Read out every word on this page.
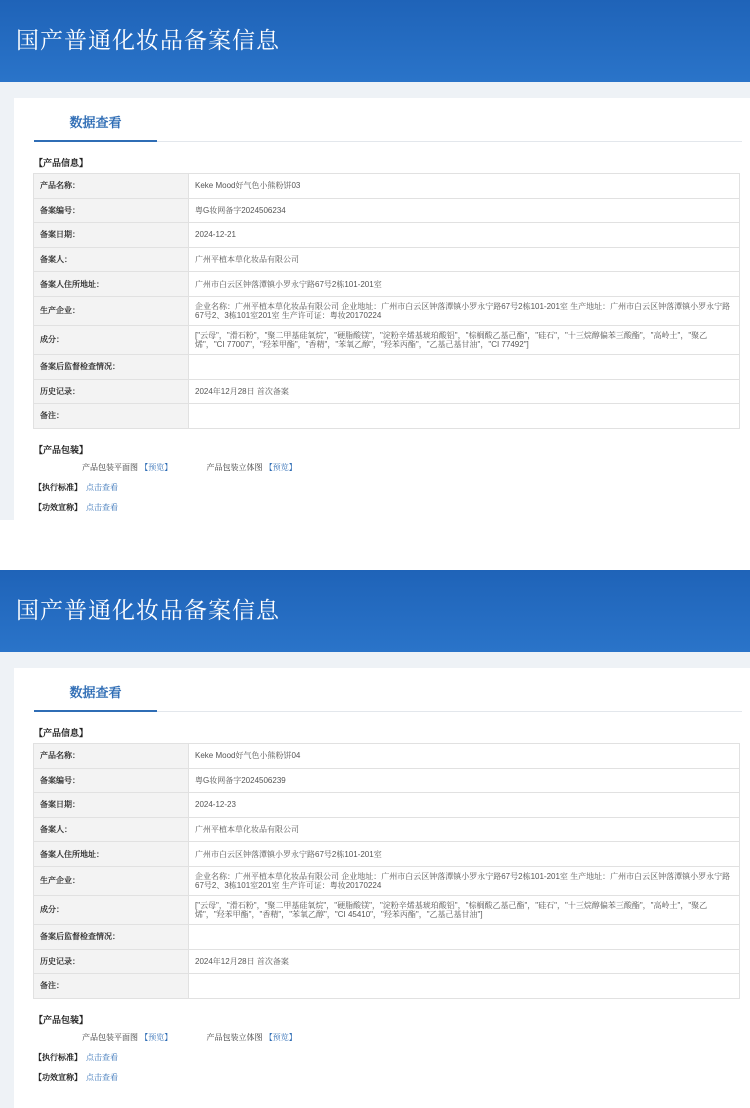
国产普通化妆品备案信息
数据查看
【产品信息】
产品名称：	Keke Mood好气色小熊粉饼03
备案编号：	粤G妆网备字2024506234
备案日期：	2024-12-21
备案人：	广州平植本草化妆品有限公司
备案人住所地址：	广州市白云区钟落潭镇小罗永宁路67号2栋101-201室
生产企业：	企业名称：广州平植本草化妆品有限公司 企业地址：广州市白云区钟落潭镇小罗永宁路67号2栋101-201室 生产地址：广州市白云区钟落潭镇小罗永宁路67号2、3栋101室201室 生产许可证：粤妆20170224
成分：	["云母"，"滑石粉"，"聚二甲基硅氧烷"，"硬脂酸镁"，"淀粉辛烯基琥珀酸铝"，"棕榈酸乙基己酯"，"硅石"，"十三烷醇偏苯三酸酯"，"高岭土"，"聚乙烯"，"CI 77007"，"羟苯甲酯"，"香精"，"苯氧乙醇"，"羟苯丙酯"，"乙基己基甘油"，"CI 77492"]
备案后监督检查情况：	
历史记录：	2024年12月28日 首次备案
备注：	
【产品包装】
产品包装平面图 【预览】	产品包装立体图 【预览】
【执行标准】 点击查看
【功效宣称】 点击查看
国产普通化妆品备案信息
数据查看
【产品信息】
产品名称：	Keke Mood好气色小熊粉饼04
备案编号：	粤G妆网备字2024506239
备案日期：	2024-12-23
备案人：	广州平植本草化妆品有限公司
备案人住所地址：	广州市白云区钟落潭镇小罗永宁路67号2栋101-201室
生产企业：	企业名称：广州平植本草化妆品有限公司 企业地址：广州市白云区钟落潭镇小罗永宁路67号2栋101-201室 生产地址：广州市白云区钟落潭镇小罗永宁路67号2、3栋101室201室 生产许可证：粤妆20170224
成分：	["云母"，"滑石粉"，"聚二甲基硅氧烷"，"硬脂酸镁"，"淀粉辛烯基琥珀酸铝"，"棕榈酸乙基己酯"，"硅石"，"十三烷醇偏苯三酸酯"，"高岭土"，"聚乙烯"，"羟苯甲酯"，"香精"，"苯氧乙醇"，"CI 45410"，"羟苯丙酯"，"乙基己基甘油"]
备案后监督检查情况：	
历史记录：	2024年12月28日 首次备案
备注：	
【产品包装】
产品包装平面图 【预览】	产品包装立体图 【预览】
【执行标准】 点击查看
【功效宣称】 点击查看
